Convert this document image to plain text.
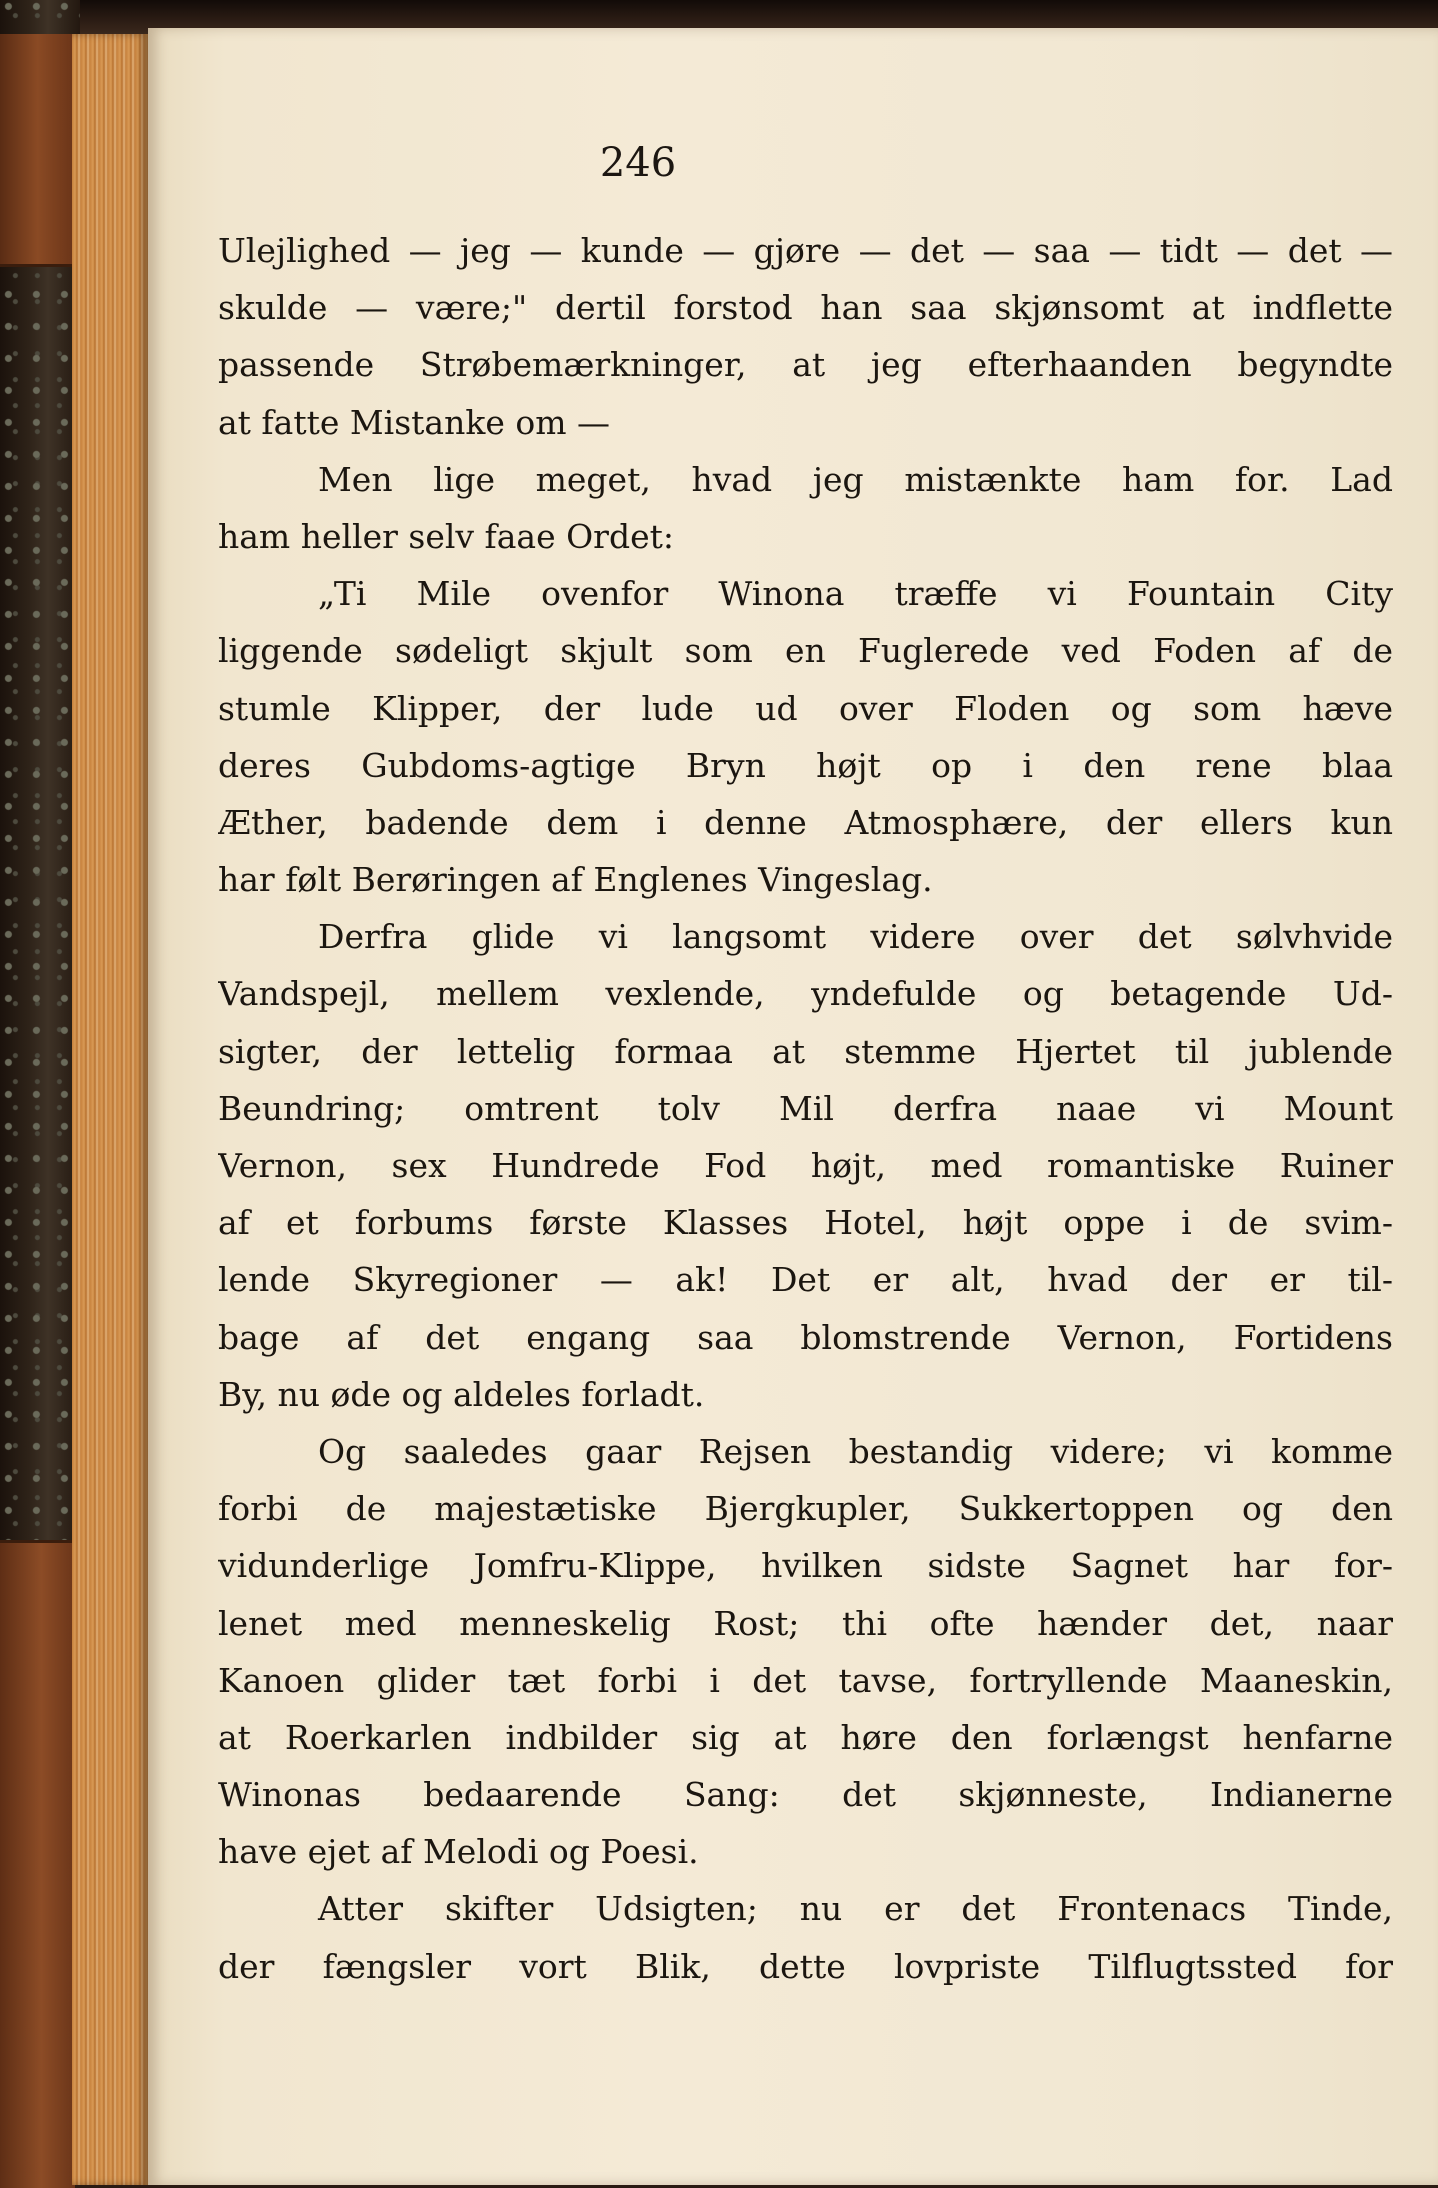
246
Ulejlighed — jeg — kunde — gjøre — det — saa — tidt — det —
skulde — være;" dertil forstod han saa skjønsomt at indflette
passende Strøbemærkninger, at jeg efterhaanden begyndte
at fatte Mistanke om —
Men lige meget, hvad jeg mistænkte ham for. Lad
ham heller selv faae Ordet:
„Ti Mile ovenfor Winona træffe vi Fountain City
liggende sødeligt skjult som en Fuglerede ved Foden af de
stumle Klipper, der lude ud over Floden og som hæve
deres Gubdoms-agtige Bryn højt op i den rene blaa
Æther, badende dem i denne Atmosphære, der ellers kun
har følt Berøringen af Englenes Vingeslag.
Derfra glide vi langsomt videre over det sølvhvide
Vandspejl, mellem vexlende, yndefulde og betagende Ud-
sigter, der lettelig formaa at stemme Hjertet til jublende
Beundring; omtrent tolv Mil derfra naae vi Mount
Vernon, sex Hundrede Fod højt, med romantiske Ruiner
af et forbums første Klasses Hotel, højt oppe i de svim-
lende Skyregioner — ak! Det er alt, hvad der er til-
bage af det engang saa blomstrende Vernon, Fortidens
By, nu øde og aldeles forladt.
Og saaledes gaar Rejsen bestandig videre; vi komme
forbi de majestætiske Bjergkupler, Sukkertoppen og den
vidunderlige Jomfru-Klippe, hvilken sidste Sagnet har for-
lenet med menneskelig Rost; thi ofte hænder det, naar
Kanoen glider tæt forbi i det tavse, fortryllende Maaneskin,
at Roerkarlen indbilder sig at høre den forlængst henfarne
Winonas bedaarende Sang: det skjønneste, Indianerne
have ejet af Melodi og Poesi.
Atter skifter Udsigten; nu er det Frontenacs Tinde,
der fængsler vort Blik, dette lovpriste Tilflugtssted for
